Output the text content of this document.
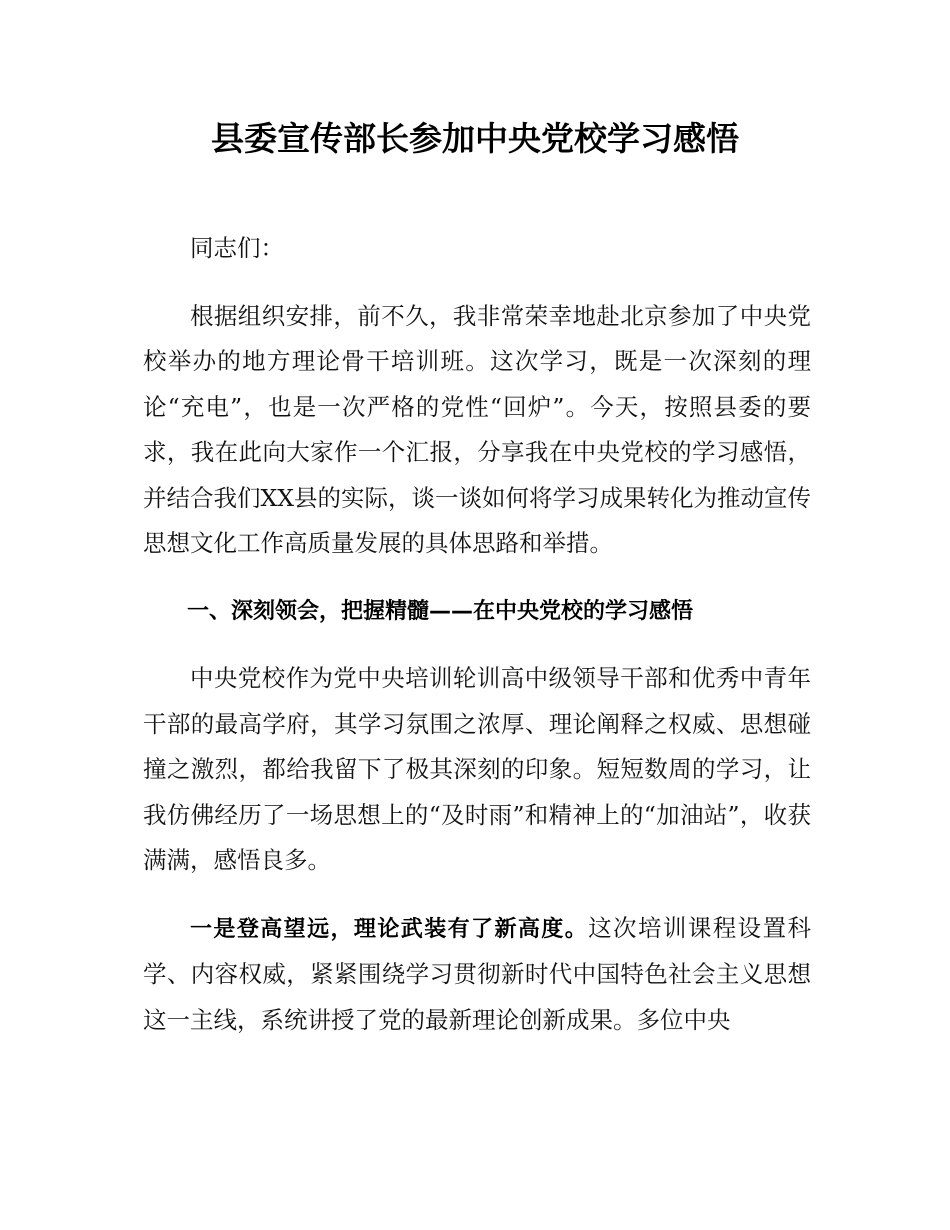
县委宣传部长参加中央党校学习感悟

同志们：

根据组织安排，前不久，我非常荣幸地赴北京参加了中央党校举办的地方理论骨干培训班。这次学习，既是一次深刻的理论“充电”，也是一次严格的党性“回炉”。今天，按照县委的要求，我在此向大家作一个汇报，分享我在中央党校的学习感悟，并结合我们XX县的实际，谈一谈如何将学习成果转化为推动宣传思想文化工作高质量发展的具体思路和举措。

一、深刻领会，把握精髓——在中央党校的学习感悟

中央党校作为党中央培训轮训高中级领导干部和优秀中青年干部的最高学府，其学习氛围之浓厚、理论阐释之权威、思想碰撞之激烈，都给我留下了极其深刻的印象。短短数周的学习，让我仿佛经历了一场思想上的“及时雨”和精神上的“加油站”，收获满满，感悟良多。

一是登高望远，理论武装有了新高度。这次培训课程设置科学、内容权威，紧紧围绕学习贯彻新时代中国特色社会主义思想这一主线，系统讲授了党的最新理论创新成果。多位中央
